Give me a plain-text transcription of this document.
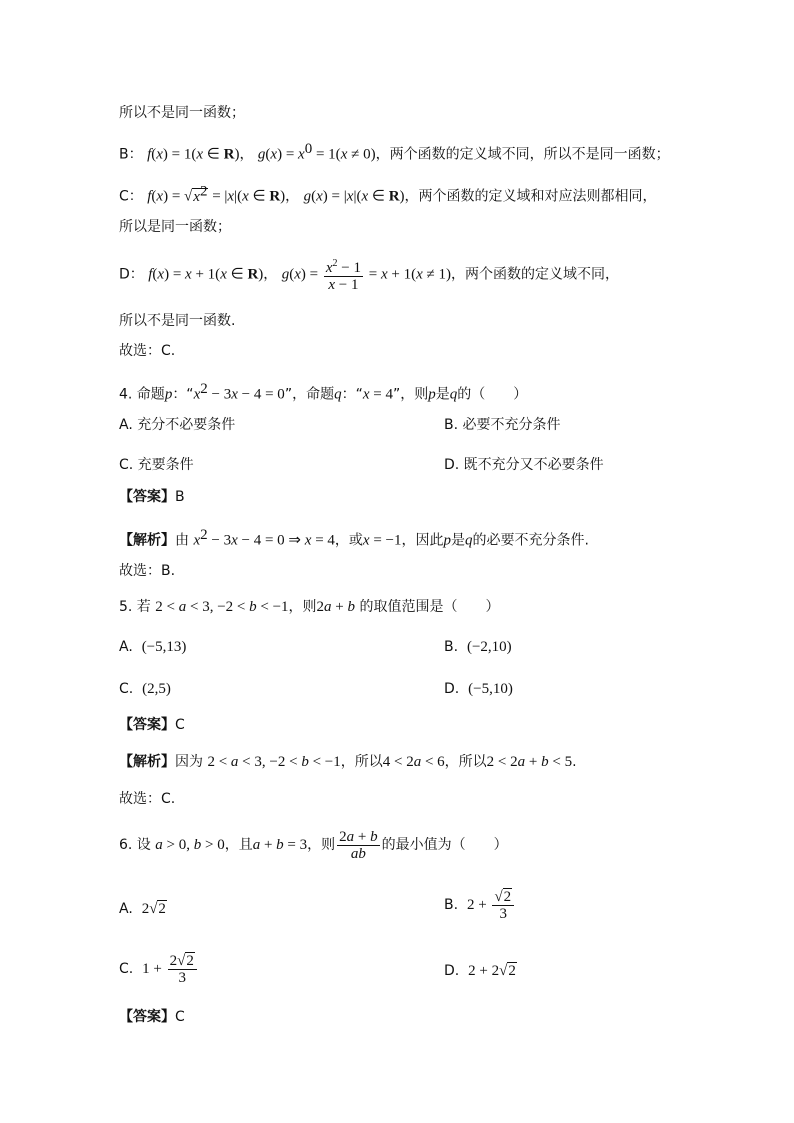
所以不是同一函数；
B： f(x) = 1(x ∈ R)， $g(x) = x^0 = 1(x \ne 0)$，两个函数的定义域不同，所以不是同一函数；
C： $f(x) = √x^2 = |x|(x$ ∈ R)， g(x) = |x|(x ∈ R)，两个函数的定义域和对应法则都相同，
所以是同一函数；
D： f(x) = x + 1(x ∈ R)， $g(x) = \frac{x^2 - 1}{x - 1} = x + 1(x \ne 1)$，两个函数的定义域不同，
所以不是同一函数.
故选：C.
4. 命题p：“$x^2 - 3x - 4 = 0$”，命题q：“x = 4”，则p是q的（　　）
A. 充分不必要条件	B. 必要不充分条件
C. 充要条件	D. 既不充分又不必要条件
【答案】B
【解析】由 $x^2 - 3x - 4 = 0$ ⇒ x = 4，或x = −1，因此p是q的必要不充分条件.
故选：B.
5. 若 2 < a < 3, −2 < b < −1，则2a + b 的取值范围是（　　）
A. (−5,13)	B. (−2,10)
C. (2,5)	D. (−5,10)
【答案】C
【解析】因为 2 < a < 3, −2 < b < −1，所以4 < 2a < 6，所以2 < 2a + b < 5.
故选：C.
6. 设 a > 0, b > 0，且a + b = 3，则 $\frac{2a + b}{ab}$ 的最小值为（　　）
A. 2√2	B. $2 + \frac{√2}{3}$
C. $1 + \frac{2√2}{3}$	D. 2 + 2√2
【答案】C
